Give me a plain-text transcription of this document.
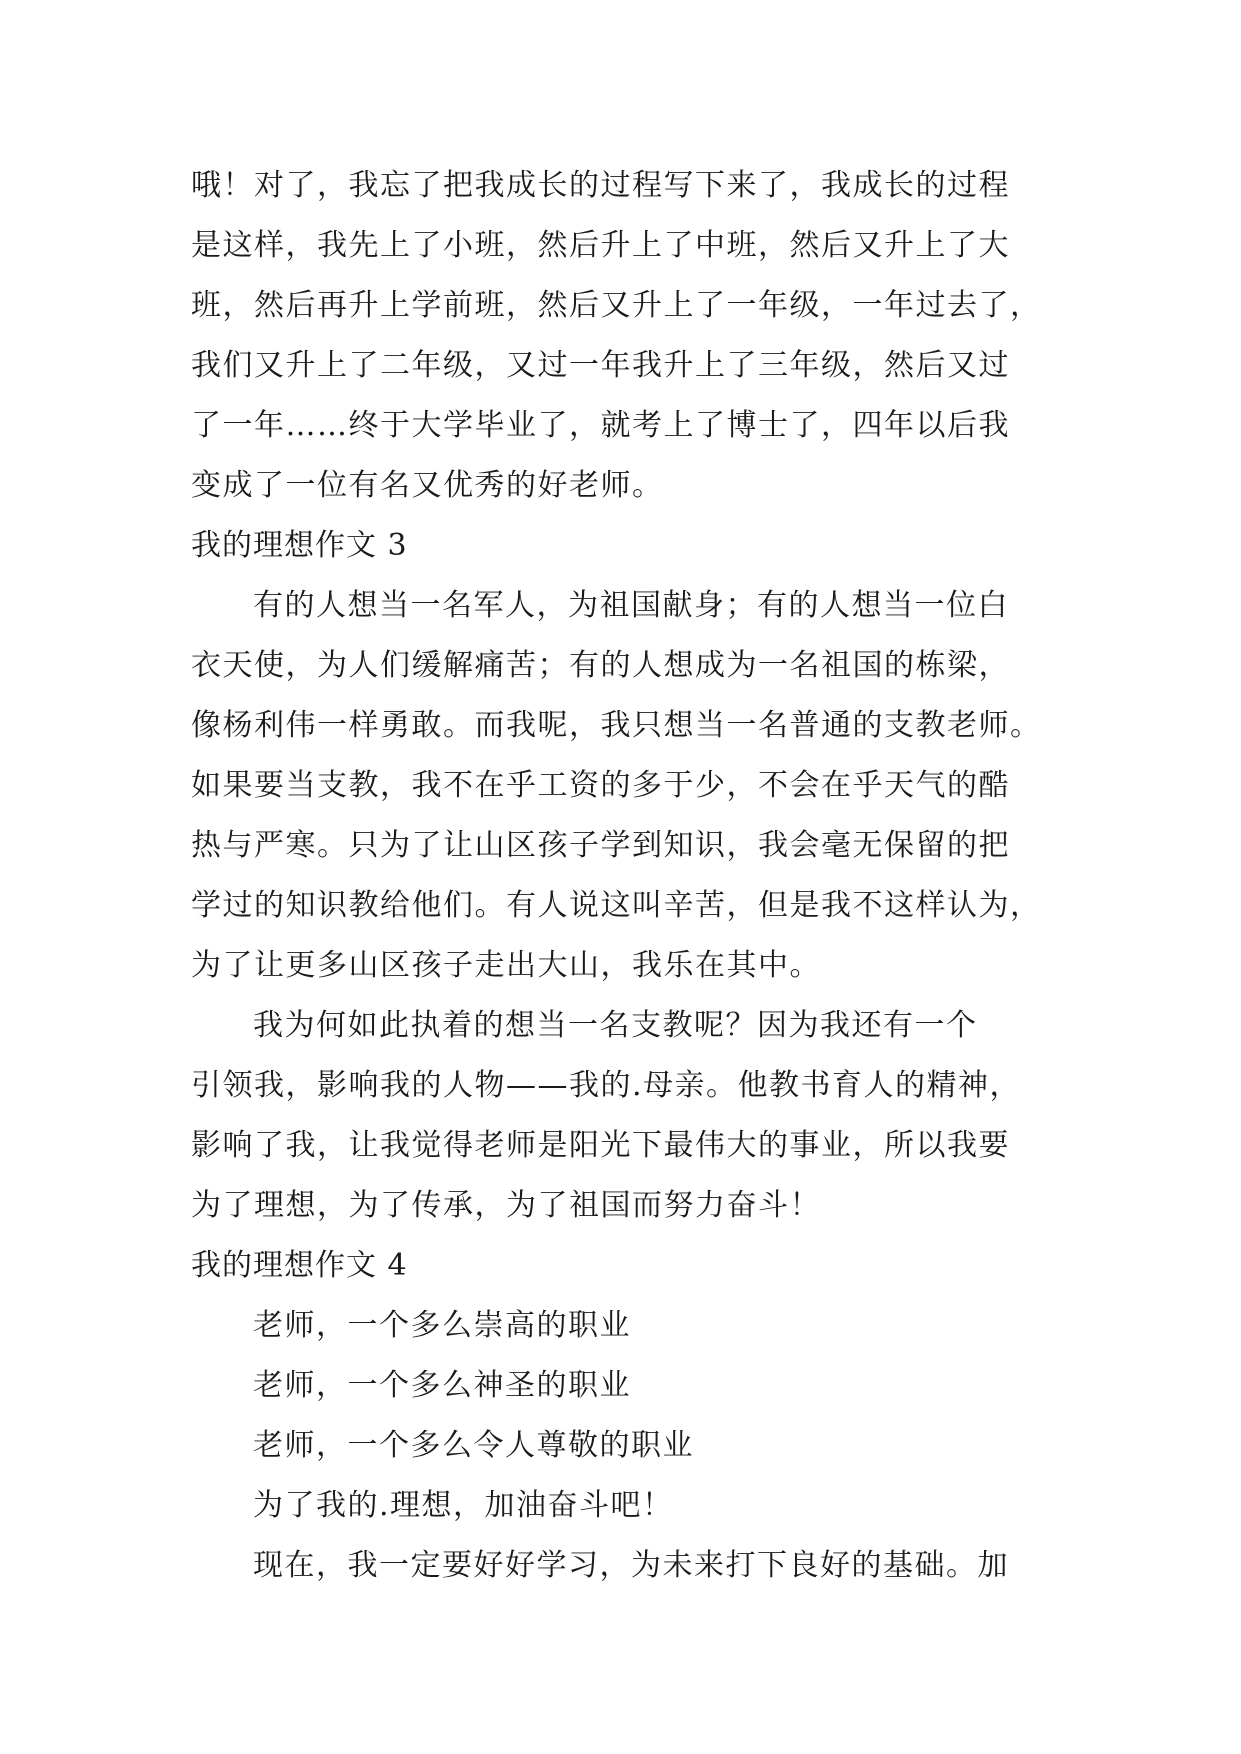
哦！对了，我忘了把我成长的过程写下来了，我成长的过程
是这样，我先上了小班，然后升上了中班，然后又升上了大
班，然后再升上学前班，然后又升上了一年级，一年过去了，
我们又升上了二年级，又过一年我升上了三年级，然后又过
了一年……终于大学毕业了，就考上了博士了，四年以后我
变成了一位有名又优秀的好老师。
我的理想作文 3
有的人想当一名军人，为祖国献身；有的人想当一位白
衣天使，为人们缓解痛苦；有的人想成为一名祖国的栋梁，
像杨利伟一样勇敢。而我呢，我只想当一名普通的支教老师。
如果要当支教，我不在乎工资的多于少，不会在乎天气的酷
热与严寒。只为了让山区孩子学到知识，我会毫无保留的把
学过的知识教给他们。有人说这叫辛苦，但是我不这样认为，
为了让更多山区孩子走出大山，我乐在其中。
我为何如此执着的想当一名支教呢？因为我还有一个
引领我，影响我的人物——我的.母亲。他教书育人的精神，
影响了我，让我觉得老师是阳光下最伟大的事业，所以我要
为了理想，为了传承，为了祖国而努力奋斗！
我的理想作文 4
老师，一个多么崇高的职业
老师，一个多么神圣的职业
老师，一个多么令人尊敬的职业
为了我的.理想，加油奋斗吧！
现在，我一定要好好学习，为未来打下良好的基础。加
